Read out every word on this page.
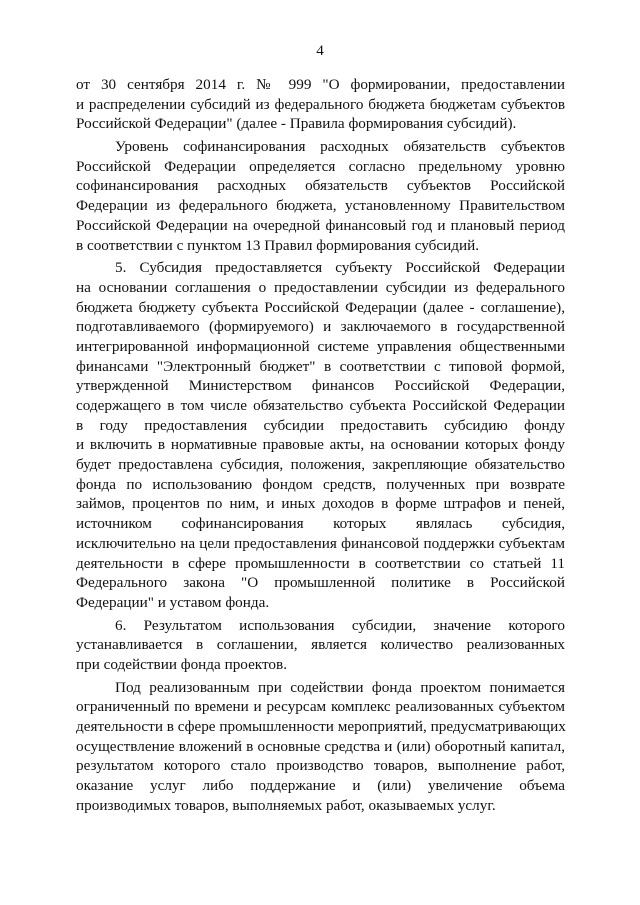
4
от 30 сентября 2014 г. № 999 "О формировании, предоставлении
и распределении субсидий из федерального бюджета бюджетам субъектов
Российской Федерации" (далее - Правила формирования субсидий).
Уровень софинансирования расходных обязательств субъектов
Российской Федерации определяется согласно предельному уровню
софинансирования расходных обязательств субъектов Российской
Федерации из федерального бюджета, установленному Правительством
Российской Федерации на очередной финансовый год и плановый период
в соответствии с пунктом 13 Правил формирования субсидий.
5. Субсидия предоставляется субъекту Российской Федерации
на основании соглашения о предоставлении субсидии из федерального
бюджета бюджету субъекта Российской Федерации (далее - соглашение),
подготавливаемого (формируемого) и заключаемого в государственной
интегрированной информационной системе управления общественными
финансами "Электронный бюджет" в соответствии с типовой формой,
утвержденной Министерством финансов Российской Федерации,
содержащего в том числе обязательство субъекта Российской Федерации
в году предоставления субсидии предоставить субсидию фонду
и включить в нормативные правовые акты, на основании которых фонду
будет предоставлена субсидия, положения, закрепляющие обязательство
фонда по использованию фондом средств, полученных при возврате
займов, процентов по ним, и иных доходов в форме штрафов и пеней,
источником софинансирования которых являлась субсидия,
исключительно на цели предоставления финансовой поддержки субъектам
деятельности в сфере промышленности в соответствии со статьей 11
Федерального закона "О промышленной политике в Российской
Федерации" и уставом фонда.
6. Результатом использования субсидии, значение которого
устанавливается в соглашении, является количество реализованных
при содействии фонда проектов.
Под реализованным при содействии фонда проектом понимается
ограниченный по времени и ресурсам комплекс реализованных субъектом
деятельности в сфере промышленности мероприятий, предусматривающих
осуществление вложений в основные средства и (или) оборотный капитал,
результатом которого стало производство товаров, выполнение работ,
оказание услуг либо поддержание и (или) увеличение объема
производимых товаров, выполняемых работ, оказываемых услуг.
